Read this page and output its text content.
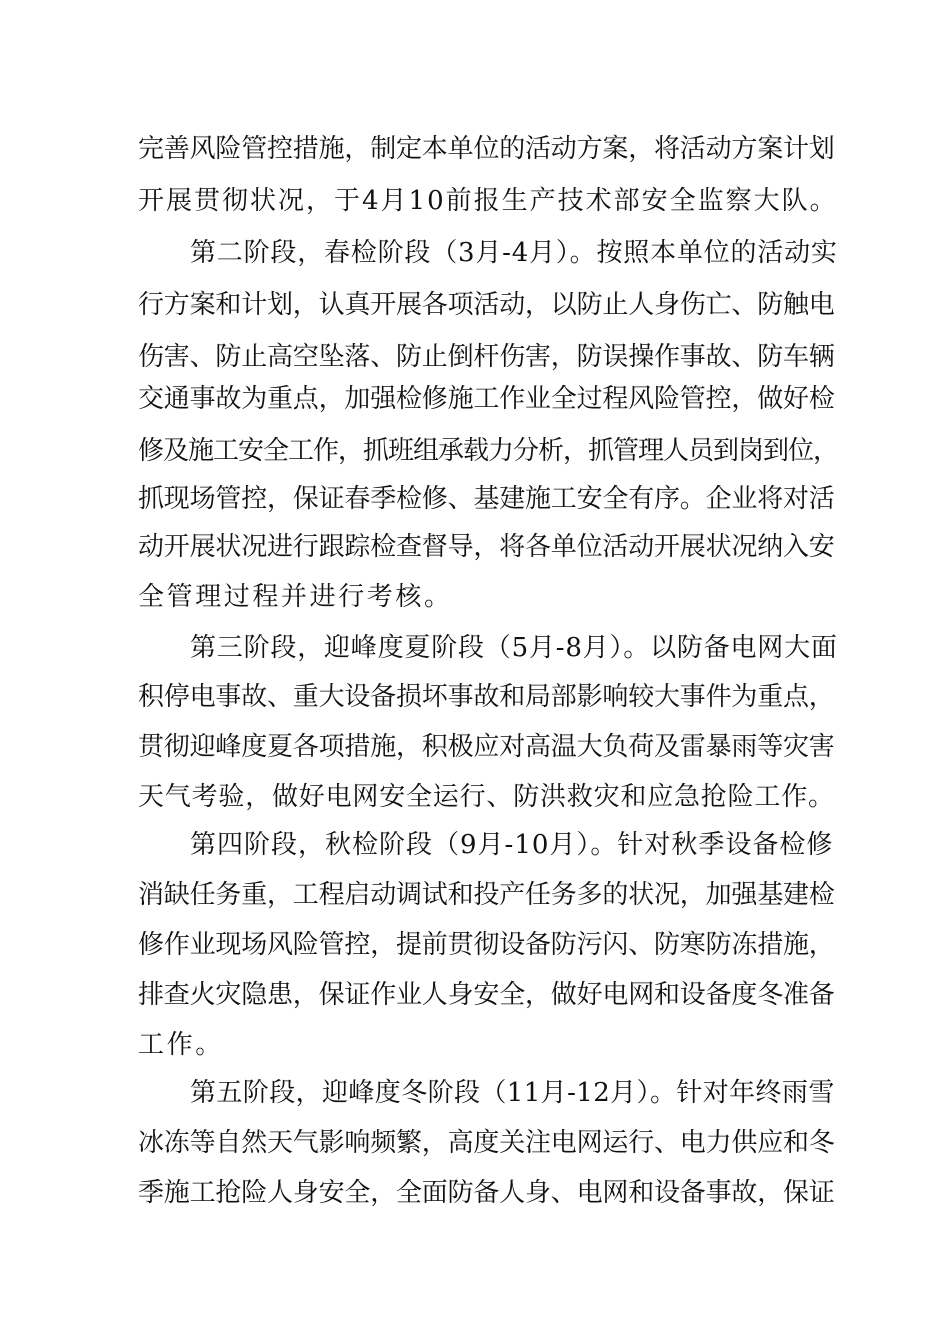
完善风险管控措施，制定本单位的活动方案，将活动方案计划
开展贯彻状况，于4月10前报生产技术部安全监察大队。
第二阶段，春检阶段（3月-4月）。按照本单位的活动实
行方案和计划，认真开展各项活动，以防止人身伤亡、防触电
伤害、防止高空坠落、防止倒杆伤害，防误操作事故、防车辆
交通事故为重点，加强检修施工作业全过程风险管控，做好检
修及施工安全工作，抓班组承载力分析，抓管理人员到岗到位，
抓现场管控，保证春季检修、基建施工安全有序。企业将对活
动开展状况进行跟踪检查督导，将各单位活动开展状况纳入安
全管理过程并进行考核。
第三阶段，迎峰度夏阶段（5月-8月）。以防备电网大面
积停电事故、重大设备损坏事故和局部影响较大事件为重点，
贯彻迎峰度夏各项措施，积极应对高温大负荷及雷暴雨等灾害
天气考验，做好电网安全运行、防洪救灾和应急抢险工作。
第四阶段，秋检阶段（9月-10月）。针对秋季设备检修
消缺任务重，工程启动调试和投产任务多的状况，加强基建检
修作业现场风险管控，提前贯彻设备防污闪、防寒防冻措施，
排查火灾隐患，保证作业人身安全，做好电网和设备度冬准备
工作。
第五阶段，迎峰度冬阶段（11月-12月）。针对年终雨雪
冰冻等自然天气影响频繁，高度关注电网运行、电力供应和冬
季施工抢险人身安全，全面防备人身、电网和设备事故，保证
